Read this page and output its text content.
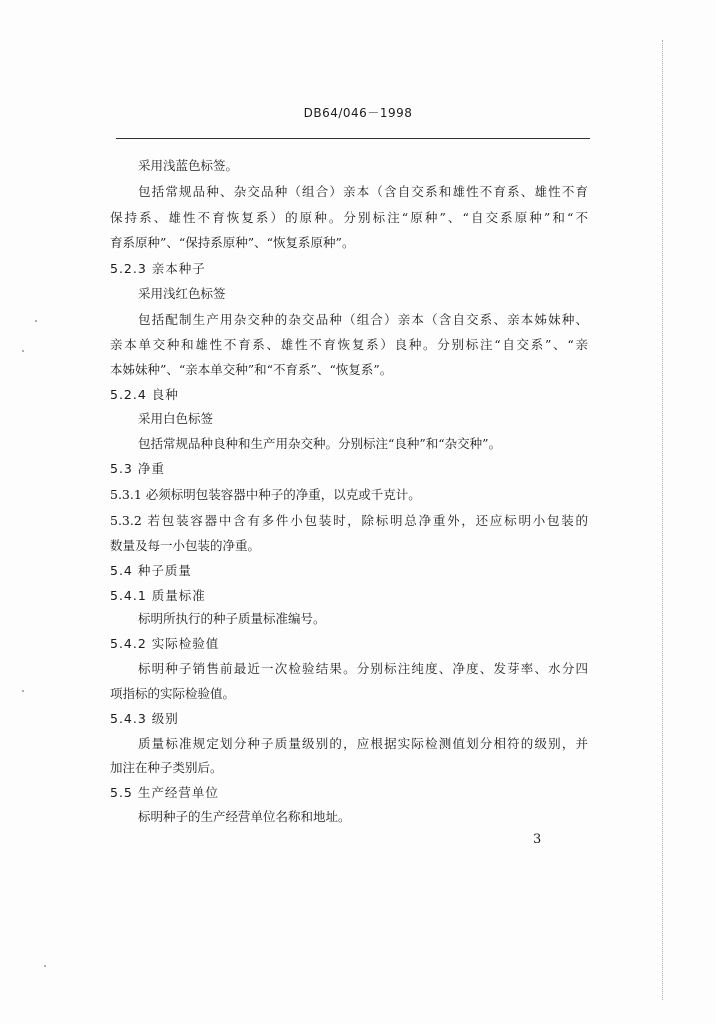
DB64/046－1998
采用浅蓝色标签。
包括常规品种、杂交品种（组合）亲本（含自交系和雄性不育系、雄性不育
保持系、雄性不育恢复系）的原种。分别标注“原种”、“自交系原种”和“不
育系原种”、“保持系原种”、“恢复系原种”。
5.2.3 亲本种子
采用浅红色标签
包括配制生产用杂交种的杂交品种（组合）亲本（含自交系、亲本姊妹种、
亲本单交种和雄性不育系、雄性不育恢复系）良种。分别标注“自交系”、“亲
本姊妹种”、“亲本单交种”和“不育系”、“恢复系”。
5.2.4 良种
采用白色标签
包括常规品种良种和生产用杂交种。分别标注“良种”和“杂交种”。
5.3 净重
5.3.1 必须标明包装容器中种子的净重，以克或千克计。
5.3.2 若包装容器中含有多件小包装时，除标明总净重外，还应标明小包装的
数量及每一小包装的净重。
5.4 种子质量
5.4.1 质量标准
标明所执行的种子质量标准编号。
5.4.2 实际检验值
标明种子销售前最近一次检验结果。分别标注纯度、净度、发芽率、水分四
项指标的实际检验值。
5.4.3 级别
质量标准规定划分种子质量级别的，应根据实际检测值划分相符的级别，并
加注在种子类别后。
5.5 生产经营单位
标明种子的生产经营单位名称和地址。
3
